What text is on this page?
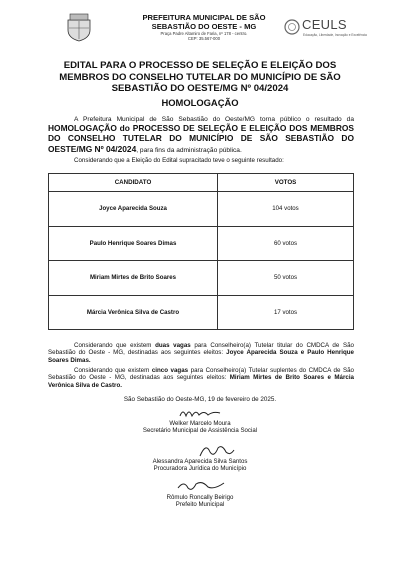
PREFEITURA MUNICIPAL DE SÃO
SEBASTIÃO DO OESTE - MG
Praça Padre Altamiro de Faria, nº 178 - centro.
CEP: 35.567-000
CEULS
Educação, Liberdade, Inovação e Excelência
EDITAL PARA O PROCESSO DE SELEÇÃO E ELEIÇÃO DOS MEMBROS DO CONSELHO TUTELAR DO MUNICÍPIO DE SÃO SEBASTIÃO DO OESTE/MG Nº 04/2024
HOMOLOGAÇÃO
A Prefeitura Municipal de São Sebastião do Oeste/MG torna público o resultado da HOMOLOGAÇÃO do PROCESSO DE SELEÇÃO E ELEIÇÃO DOS MEMBROS DO CONSELHO TUTELAR DO MUNICÍPIO DE SÃO SEBASTIÃO DO OESTE/MG Nº 04/2024, para fins da administração pública.
Considerando que a Eleição do Edital supracitado teve o seguinte resultado:
CANDIDATO	VOTOS
Joyce Aparecida Souza	104 votos
Paulo Henrique Soares Dimas	60 votos
Miriam Mirtes de Brito Soares	50 votos
Márcia Verônica Silva de Castro	17 votos
Considerando que existem duas vagas para Conselheiro(a) Tutelar titular do CMDCA de São Sebastião do Oeste - MG, destinadas aos seguintes eleitos: Joyce Aparecida Souza e Paulo Henrique Soares Dimas.
Considerando que existem cinco vagas para Conselheiro(a) Tutelar suplentes do CMDCA de São Sebastião do Oeste - MG, destinadas aos seguintes eleitos: Miriam Mirtes de Brito Soares e Márcia Verônica Silva de Castro.
São Sebastião do Oeste-MG, 19 de fevereiro de 2025.
Welker Marcelo Moura
Secretário Municipal de Assistência Social
Alessandra Aparecida Silva Santos
Procuradora Jurídica do Município
Rômulo Roncally Beirigo
Prefeito Municipal
